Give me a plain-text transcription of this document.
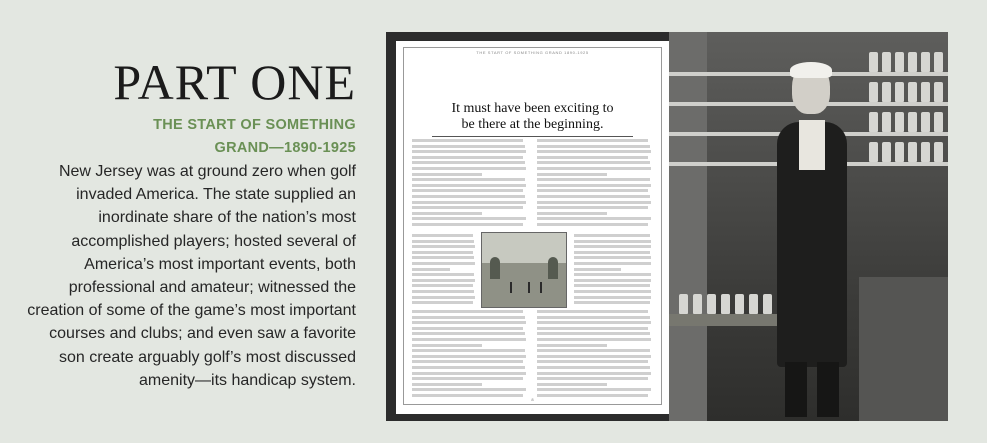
PART ONE
THE START OF SOMETHING
GRAND—1890-1925

New Jersey was at ground zero when golf invaded America. The state supplied an inordinate share of the nation’s most accomplished players; hosted several of America’s most important events, both professional and amateur; witnessed the creation of some of the game’s most important courses and clubs; and even saw a favorite son create arguably golf’s most discussed amenity—its handicap system.

THE START OF SOMETHING GRAND 1890-1925
It must have been exciting to
be there at the beginning.
8
